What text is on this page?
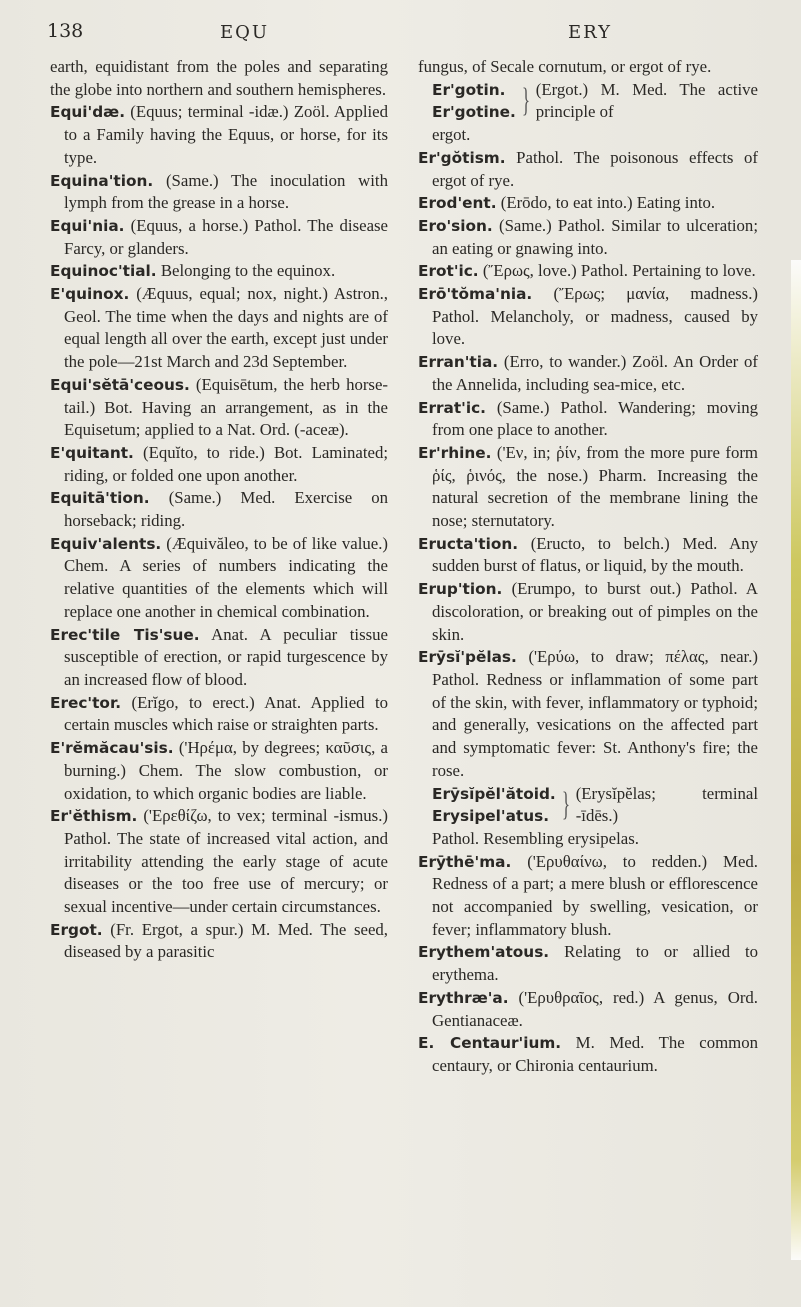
138	EQU	ERY
earth, equidistant from the poles and separating the globe into northern and southern hemispheres.
Equi'dæ. (Equus; terminal -idæ.) Zoöl. Applied to a Family having the Equus, or horse, for its type.
Equina'tion. (Same.) The inoculation with lymph from the grease in a horse.
Equi'nia. (Equus, a horse.) Pathol. The disease Farcy, or glanders.
Equinoc'tial. Belonging to the equinox.
E'quinox. (Æquus, equal; nox, night.) Astron., Geol. The time when the days and nights are of equal length all over the earth, except just under the pole—21st March and 23d September.
Equi'sĕtā'ceous. (Equisētum, the herb horse-tail.) Bot. Having an arrangement, as in the Equisetum; applied to a Nat. Ord. (-aceæ).
E'quitant. (Equĭto, to ride.) Bot. Laminated; riding, or folded one upon another.
Equitā'tion. (Same.) Med. Exercise on horseback; riding.
Equiv'alents. (Æquivăleo, to be of like value.) Chem. A series of numbers indicating the relative quantities of the elements which will replace one another in chemical combination.
Erec'tile Tis'sue. Anat. A peculiar tissue susceptible of erection, or rapid turgescence by an increased flow of blood.
Erec'tor. (Erĭgo, to erect.) Anat. Applied to certain muscles which raise or straighten parts.
E'rĕmăcau'sis. ('Ηρέμα, by degrees; καῦσις, a burning.) Chem. The slow combustion, or oxidation, to which organic bodies are liable.
Er'ĕthism. ('Ερεθίζω, to vex; terminal -ismus.) Pathol. The state of increased vital action, and irritability attending the early stage of acute diseases or the too free use of mercury; or sexual incentive—under certain circumstances.
Ergot. (Fr. Ergot, a spur.) M. Med. The seed, diseased by a parasitic
fungus, of Secale cornutum, or ergot of rye.
Er'gotin.
Er'gotine. } (Ergot.) M. Med. The active principle of
ergot.
Er'gŏtism. Pathol. The poisonous effects of ergot of rye.
Erod'ent. (Erōdo, to eat into.) Eating into.
Ero'sion. (Same.) Pathol. Similar to ulceration; an eating or gnawing into.
Erot'ic. (Ἔρως, love.) Pathol. Pertaining to love.
Erō'tŏma'nia. (Ἔρως; μανία, madness.) Pathol. Melancholy, or madness, caused by love.
Erran'tia. (Erro, to wander.) Zoöl. An Order of the Annelida, including sea-mice, etc.
Errat'ic. (Same.) Pathol. Wandering; moving from one place to another.
Er'rhine. ('Εν, in; ῥίν, from the more pure form ῥίς, ῥινός, the nose.) Pharm. Increasing the natural secretion of the membrane lining the nose; sternutatory.
Eructa'tion. (Eructo, to belch.) Med. Any sudden burst of flatus, or liquid, by the mouth.
Erup'tion. (Erumpo, to burst out.) Pathol. A discoloration, or breaking out of pimples on the skin.
Erȳsĭ'pĕlas. ('Ερύω, to draw; πέλας, near.) Pathol. Redness or inflammation of some part of the skin, with fever, inflammatory or typhoid; and generally, vesications on the affected part and symptomatic fever: St. Anthony's fire; the rose.
Erȳsĭpĕl'ătoid.
Erysipel'atus. } (Erysĭpĕlas; terminal -īdēs.)
Pathol. Resembling erysipelas.
Erȳthē'ma. ('Ερυθαίνω, to redden.) Med. Redness of a part; a mere blush or efflorescence not accompanied by swelling, vesication, or fever; inflammatory blush.
Erythem'atous. Relating to or allied to erythema.
Erythræ'a. ('Ερυθραῖος, red.) A genus, Ord. Gentianaceæ.
E. Centaur'ium. M. Med. The common centaury, or Chironia centaurium.
